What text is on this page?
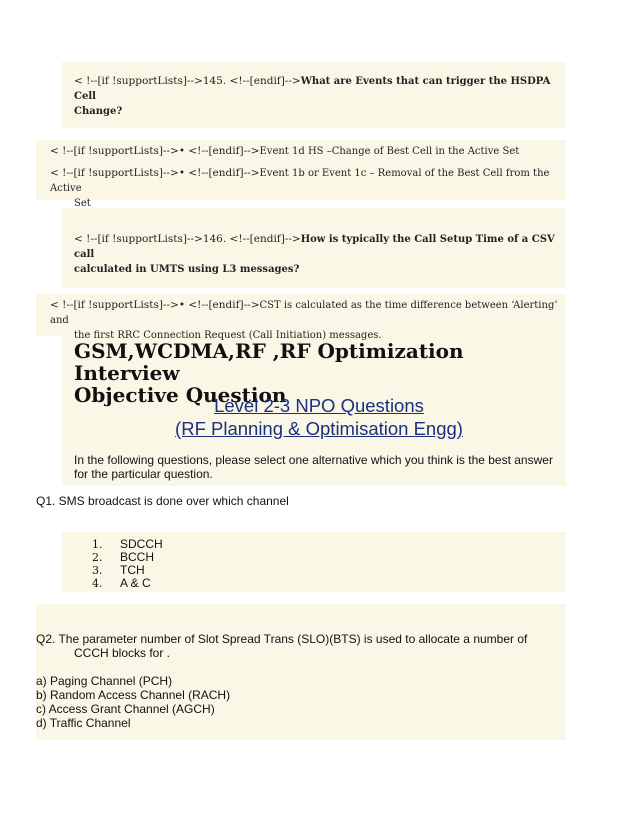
< !--[if !supportLists]-->145. <!--[endif]-->What are Events that can trigger the HSDPA Cell
Change?
< !--[if !supportLists]-->• <!--[endif]-->Event 1d HS –Change of Best Cell in the Active Set
< !--[if !supportLists]-->• <!--[endif]-->Event 1b or Event 1c – Removal of the Best Cell from the Active
Set
< !--[if !supportLists]-->146. <!--[endif]-->How is typically the Call Setup Time of a CSV call
calculated in UMTS using L3 messages?
< !--[if !supportLists]-->• <!--[endif]-->CST is calculated as the time difference between ‘Alerting’ and
the first RRC Connection Request (Call Initiation) messages.
GSM,WCDMA,RF ,RF Optimization Interview
Objective Question
Level 2-3 NPO Questions
(RF Planning & Optimisation Engg)
In the following questions, please select one alternative which you think is the best answer
for the particular question.
Q1. SMS broadcast is done over which channel
1. SDCCH
2. BCCH
3. TCH
4. A & C
Q2. The parameter number of Slot Spread Trans (SLO)(BTS) is used to allocate a number of
CCCH blocks for .
a) Paging Channel (PCH)
b) Random Access Channel (RACH)
c) Access Grant Channel (AGCH)
d) Traffic Channel
